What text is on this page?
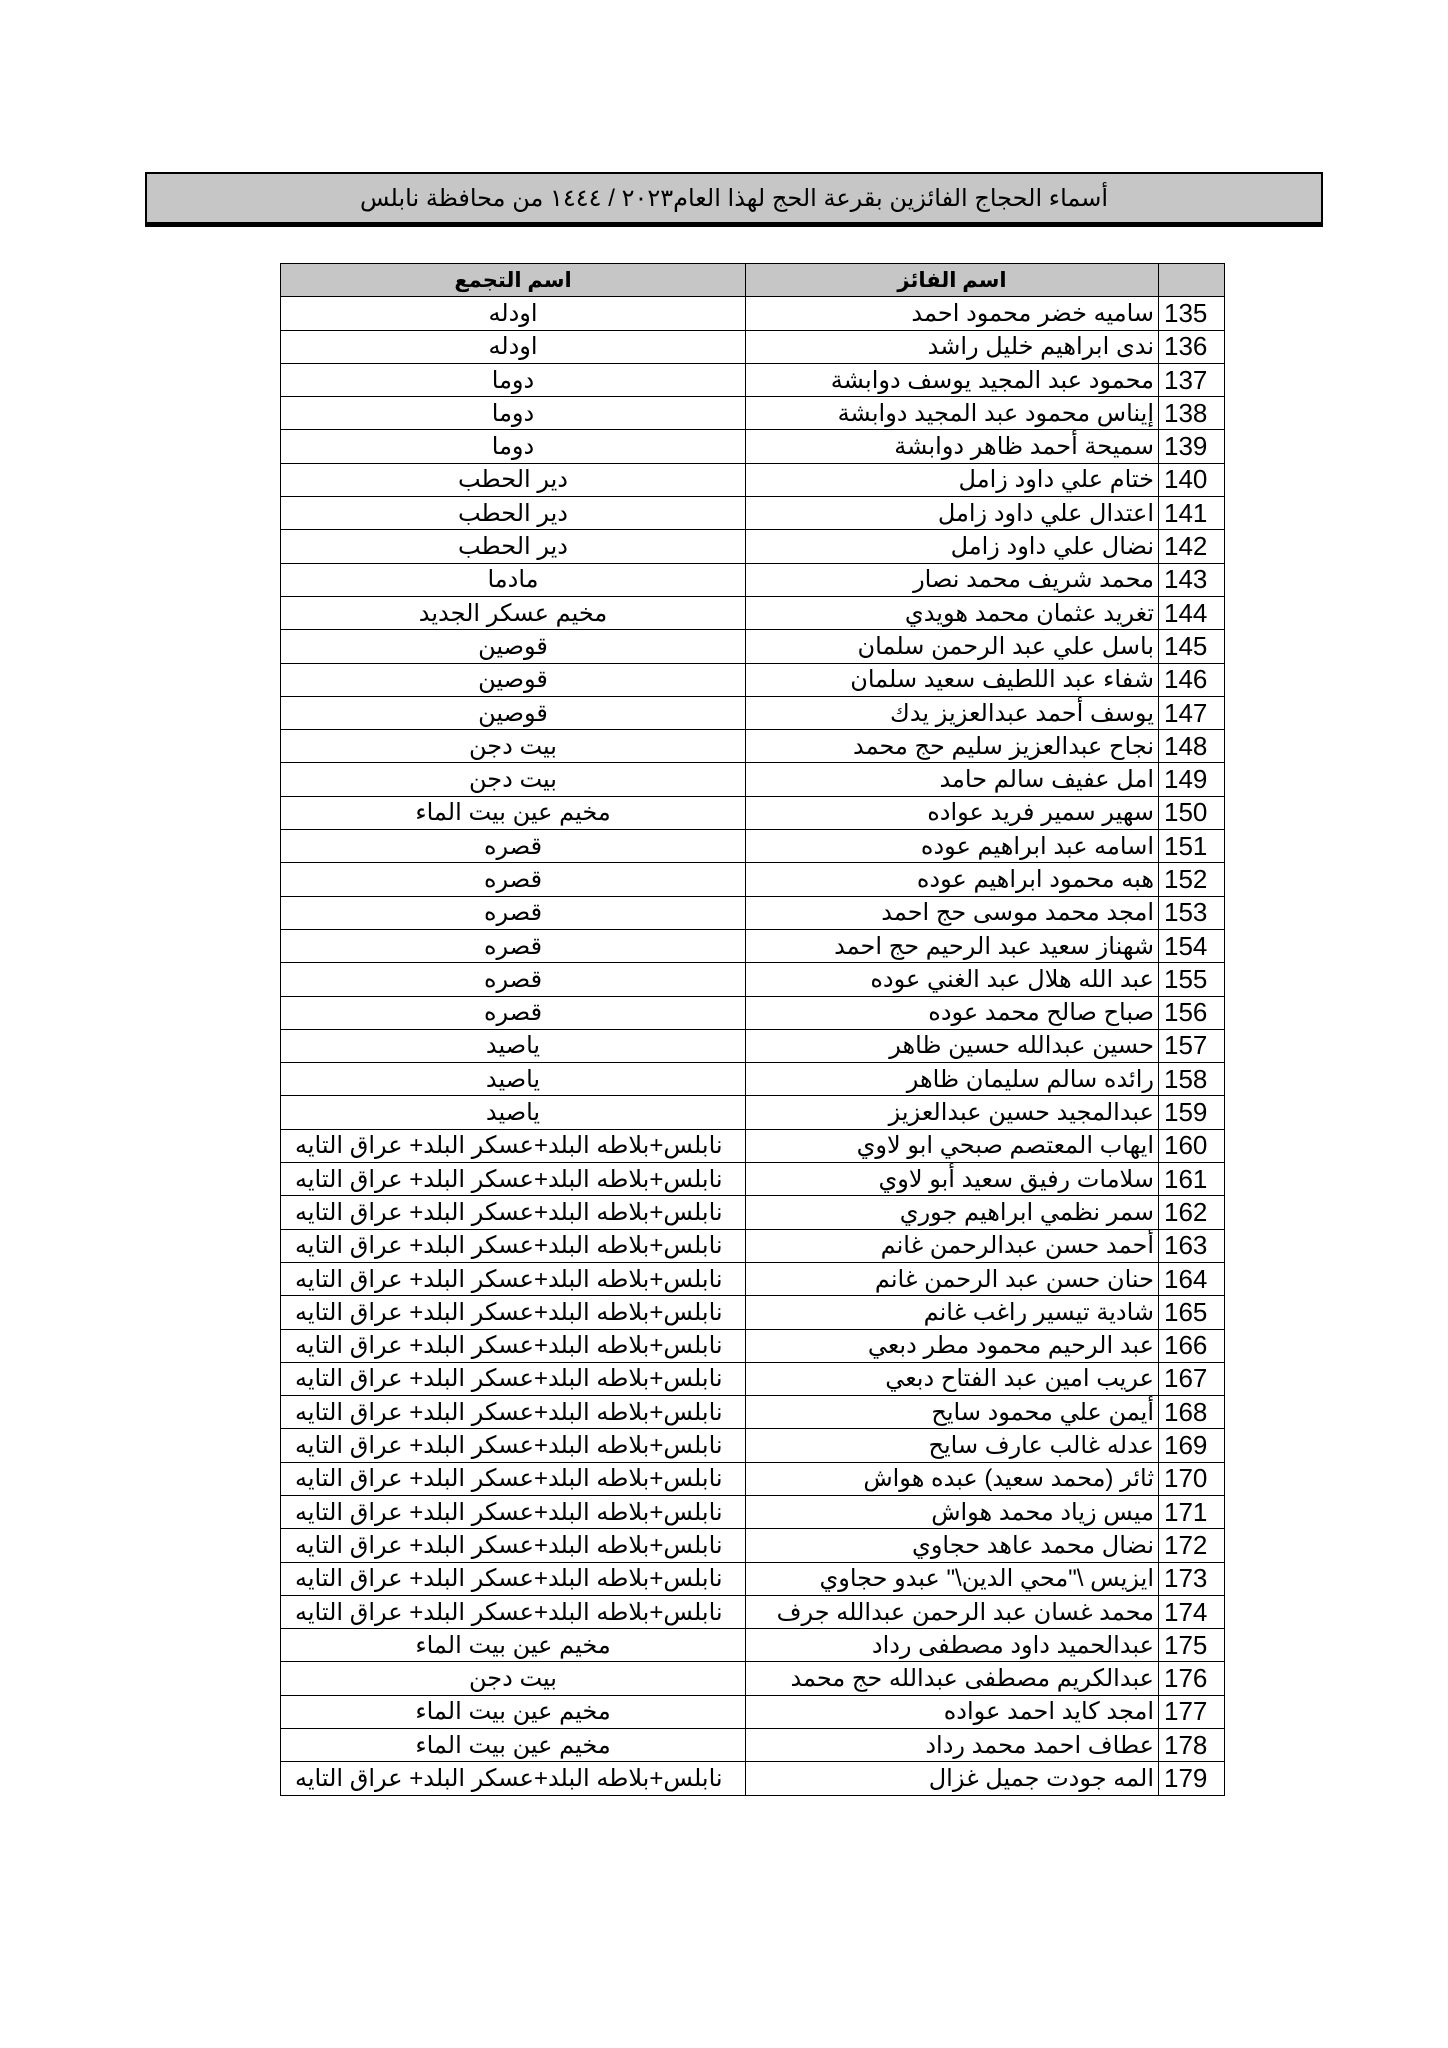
أسماء الحجاج الفائزين بقرعة الحج لهذا العام٢٠٢٣ / ١٤٤٤ من محافظة نابلس
	اسم الفائز	اسم التجمع
135	ساميه خضر محمود احمد	اودله
136	ندى ابراهيم خليل راشد	اودله
137	محمود عبد المجيد يوسف دوابشة	دوما
138	إيناس محمود عبد المجيد دوابشة	دوما
139	سميحة أحمد ظاهر دوابشة	دوما
140	ختام علي داود زامل	دير الحطب
141	اعتدال علي داود زامل	دير الحطب
142	نضال علي داود زامل	دير الحطب
143	محمد شريف محمد نصار	مادما
144	تغريد عثمان محمد هويدي	مخيم عسكر الجديد
145	باسل علي عبد الرحمن سلمان	قوصين
146	شفاء عبد اللطيف سعيد سلمان	قوصين
147	يوسف أحمد عبدالعزيز يدك	قوصين
148	نجاح عبدالعزيز سليم حج محمد	بيت دجن
149	امل عفيف سالم حامد	بيت دجن
150	سهير سمير فريد عواده	مخيم عين بيت الماء
151	اسامه عبد ابراهيم عوده	قصره
152	هبه محمود ابراهيم عوده	قصره
153	امجد محمد موسى حج احمد	قصره
154	شهناز سعيد عبد الرحيم حج احمد	قصره
155	عبد الله هلال عبد الغني عوده	قصره
156	صباح صالح محمد عوده	قصره
157	حسين عبدالله حسين ظاهر	ياصيد
158	رائده سالم سليمان ظاهر	ياصيد
159	عبدالمجيد حسين عبدالعزيز	ياصيد
160	ايهاب المعتصم صبحي ابو لاوي	نابلس+بلاطه البلد+عسكر البلد+ عراق التايه
161	سلامات رفيق سعيد أبو لاوي	نابلس+بلاطه البلد+عسكر البلد+ عراق التايه
162	سمر نظمي ابراهيم جوري	نابلس+بلاطه البلد+عسكر البلد+ عراق التايه
163	أحمد حسن عبدالرحمن غانم	نابلس+بلاطه البلد+عسكر البلد+ عراق التايه
164	حنان حسن عبد الرحمن غانم	نابلس+بلاطه البلد+عسكر البلد+ عراق التايه
165	شادية تيسير راغب غانم	نابلس+بلاطه البلد+عسكر البلد+ عراق التايه
166	عبد الرحيم محمود مطر دبعي	نابلس+بلاطه البلد+عسكر البلد+ عراق التايه
167	عريب امين عبد الفتاح دبعي	نابلس+بلاطه البلد+عسكر البلد+ عراق التايه
168	أيمن علي محمود سايح	نابلس+بلاطه البلد+عسكر البلد+ عراق التايه
169	عدله غالب عارف سايح	نابلس+بلاطه البلد+عسكر البلد+ عراق التايه
170	ثائر (محمد سعيد) عبده هواش	نابلس+بلاطه البلد+عسكر البلد+ عراق التايه
171	ميس زياد محمد هواش	نابلس+بلاطه البلد+عسكر البلد+ عراق التايه
172	نضال محمد عاهد حجاوي	نابلس+بلاطه البلد+عسكر البلد+ عراق التايه
173	ايزيس \"محي الدين\" عبدو حجاوي	نابلس+بلاطه البلد+عسكر البلد+ عراق التايه
174	محمد غسان عبد الرحمن عبدالله جرف	نابلس+بلاطه البلد+عسكر البلد+ عراق التايه
175	عبدالحميد داود مصطفى رداد	مخيم عين بيت الماء
176	عبدالكريم مصطفى عبدالله حج محمد	بيت دجن
177	امجد كايد احمد عواده	مخيم عين بيت الماء
178	عطاف احمد محمد رداد	مخيم عين بيت الماء
179	المه جودت جميل غزال	نابلس+بلاطه البلد+عسكر البلد+ عراق التايه
